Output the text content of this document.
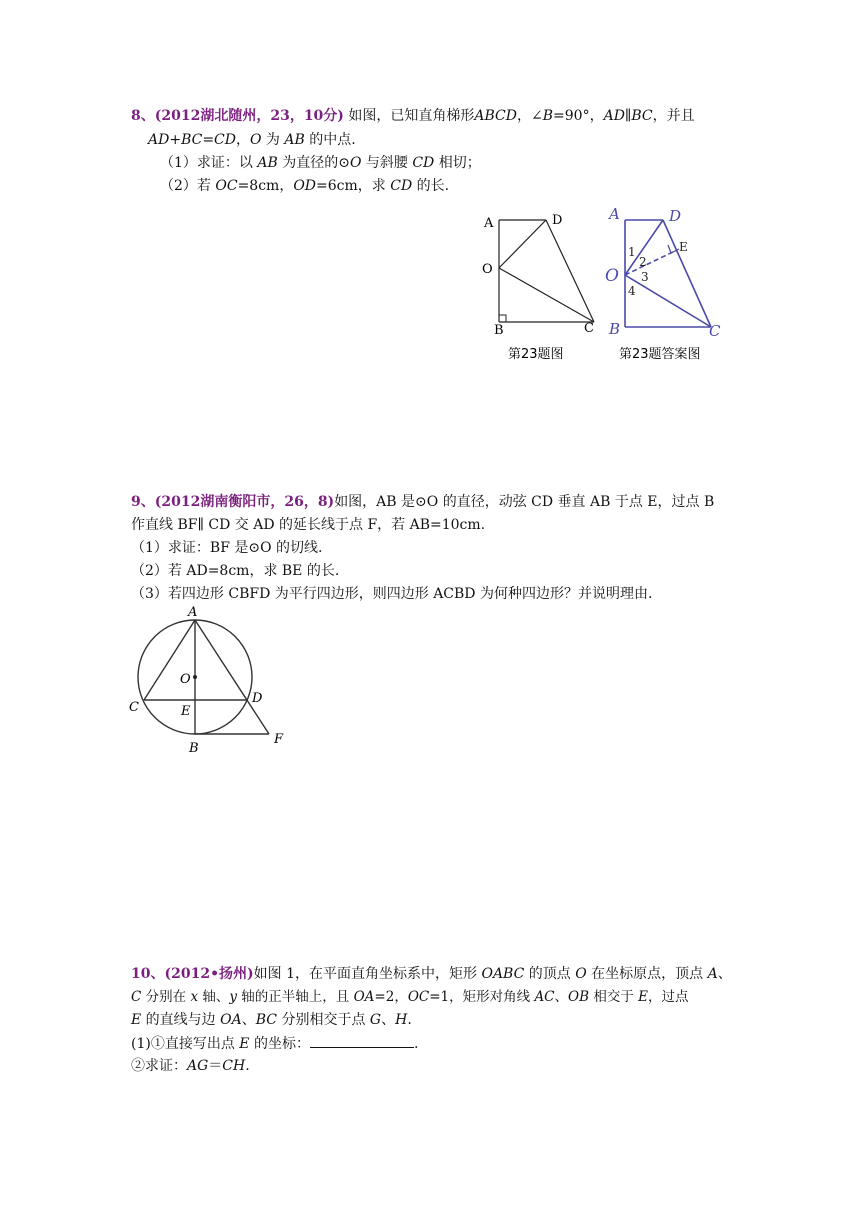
8、(2012湖北随州，23，10分) 如图，已知直角梯形ABCD，∠B=90°，AD∥BC，并且
AD+BC=CD，O 为 AB 的中点.
（1）求证：以 AB 为直径的⊙O 与斜腰 CD 相切；
（2）若 OC=8cm，OD=6cm，求 CD 的长.
A	D
O
B	C
第23题图
A	D
E
O
B	C
1
2
3
4
第23题答案图
9、(2012湖南衡阳市，26，8)如图，AB 是⊙O 的直径，动弦 CD 垂直 AB 于点 E，过点 B
作直线 BF∥ CD 交 AD 的延长线于点 F，若 AB=10cm.
（1）求证：BF 是⊙O 的切线.
（2）若 AD=8cm，求 BE 的长.
（3）若四边形 CBFD 为平行四边形，则四边形 ACBD 为何种四边形？并说明理由.
A
O
C
D
E
B
F
10、(2012•扬州)如图 1，在平面直角坐标系中，矩形 OABC 的顶点 O 在坐标原点，顶点 A、
C 分别在 x 轴、y 轴的正半轴上，且 OA=2，OC=1，矩形对角线 AC、OB 相交于 E，过点
E 的直线与边 OA、BC 分别相交于点 G、H.
(1)①直接写出点 E 的坐标：	.
②求证：AG＝CH.
